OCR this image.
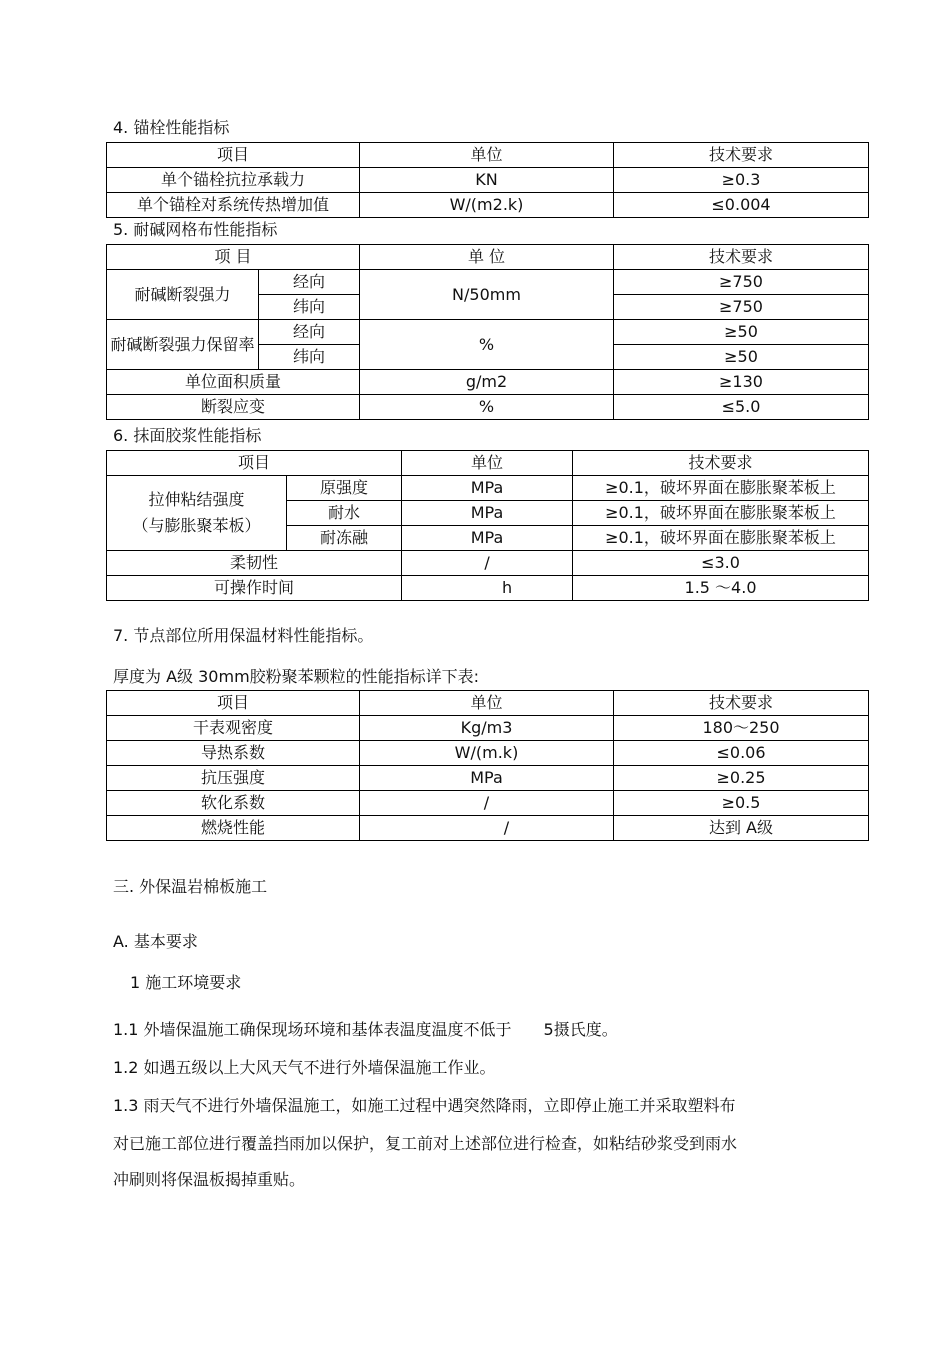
4. 锚栓性能指标
项目	单位	技术要求
单个锚栓抗拉承载力	KN	≥0.3
单个锚栓对系统传热增加值	W/(m2.k)	≤0.004
5. 耐碱网格布性能指标
项 目		单 位	技术要求
耐碱断裂强力	经向	N/50mm	≥750
	纬向		≥750
耐碱断裂强力保留率	经向	%	≥50
	纬向		≥50
单位面积质量		g/m2	≥130
断裂应变		%	≤5.0
6. 抹面胶浆性能指标
项目		单位	技术要求

拉伸粘结强度
（与膨胀聚苯板）	原强度	MPa	≥0.1，破坏界面在膨胀聚苯板上
	耐水	MPa	≥0.1，破坏界面在膨胀聚苯板上
	耐冻融	MPa	≥0.1，破坏界面在膨胀聚苯板上
柔韧性		/	≤3.0
可操作时间		h	1.5 ～4.0
7. 节点部位所用保温材料性能指标。
厚度为 A级 30mm胶粉聚苯颗粒的性能指标详下表:
项目	单位	技术要求
干表观密度	Kg/m3	180～250
导热系数	W/(m.k)	≤0.06
抗压强度	MPa	≥0.25
软化系数	/	≥0.5
燃烧性能	/	达到 A级
三. 外保温岩棉板施工
A. 基本要求
1 施工环境要求
1.1 外墙保温施工确保现场环境和基体表温度温度不低于　　5摄氏度。
1.2 如遇五级以上大风天气不进行外墙保温施工作业。
1.3 雨天气不进行外墙保温施工，如施工过程中遇突然降雨，立即停止施工并采取塑料布
对已施工部位进行覆盖挡雨加以保护，复工前对上述部位进行检查，如粘结砂浆受到雨水
冲刷则将保温板揭掉重贴。
